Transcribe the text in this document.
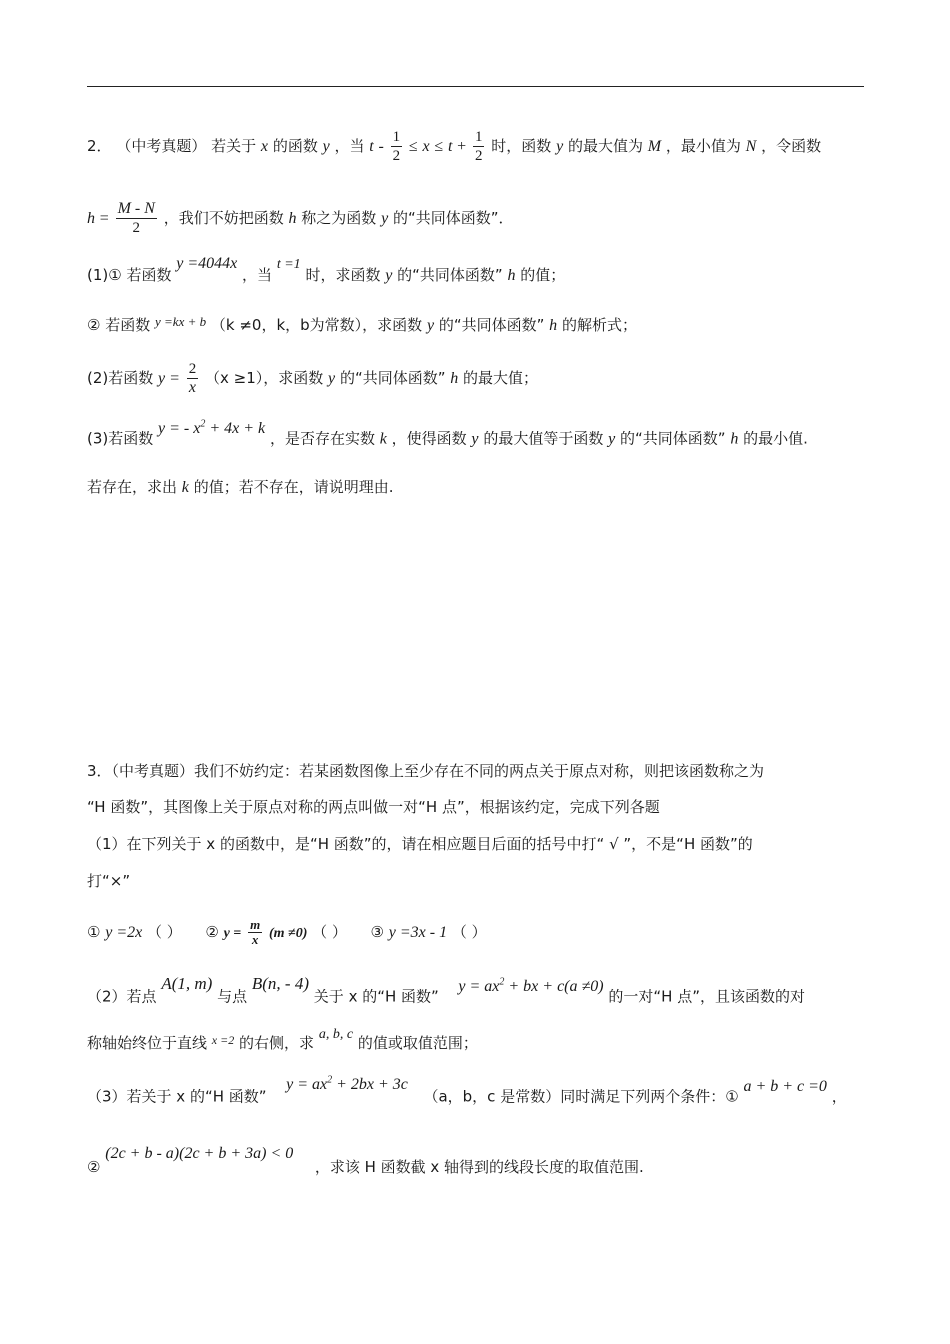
2． （中考真题） 若关于 x 的函数 y ，当 $t - \frac{1}{2} \le x \le t + \frac{1}{2}$ 时，函数 y 的最大值为 M ，最小值为 N ，令函数
$h = \frac{M - N}{2}$ ，我们不妨把函数 h 称之为函数 y 的“共同体函数”．
(1)① 若函数 y =4044x ，当 t =1 时，求函数 y 的“共同体函数” h 的值；
② 若函数 y =kx + b （k ≠0，k，b为常数），求函数 y 的“共同体函数” h 的解析式；
(2)若函数 $y = \frac{2}{x} (x \ge 1)$，求函数 y 的“共同体函数” h 的最大值；
(3)若函数 y = - $x^2 + 4x + k$ ，是否存在实数 k ，使得函数 y 的最大值等于函数 y 的“共同体函数” h 的最小值.
若存在，求出 k 的值；若不存在，请说明理由.
3．（中考真题）我们不妨约定：若某函数图像上至少存在不同的两点关于原点对称，则把该函数称之为
“H 函数”，其图像上关于原点对称的两点叫做一对“H 点”，根据该约定，完成下列各题
（1）在下列关于 x 的函数中，是“H 函数”的，请在相应题目后面的括号中打“ √ ”，不是“H 函数”的
打“×”
① y =2x （ ） ② $y = \frac{m}{x} (m \ne 0)$ （ ） ③ y =3x - 1 （ ）
（2）若点 A(1, m) 与点 B(n, - 4) 关于 x 的“H 函数”  $y = ax^2$ + bx + c(a ≠0) 的一对“H 点”，且该函数的对
称轴始终位于直线 $^{x =2}$ 的右侧，求 a, b, c 的值或取值范围；
（3）若关于 x 的“H 函数”  $y = ax^2 + 2bx + 3c$  （a，b，c 是常数）同时满足下列两个条件：① a + b + c =0 ，
② (2c + b - a)(2c + b + 3a) < 0  ，求该 H 函数截 x 轴得到的线段长度的取值范围.
